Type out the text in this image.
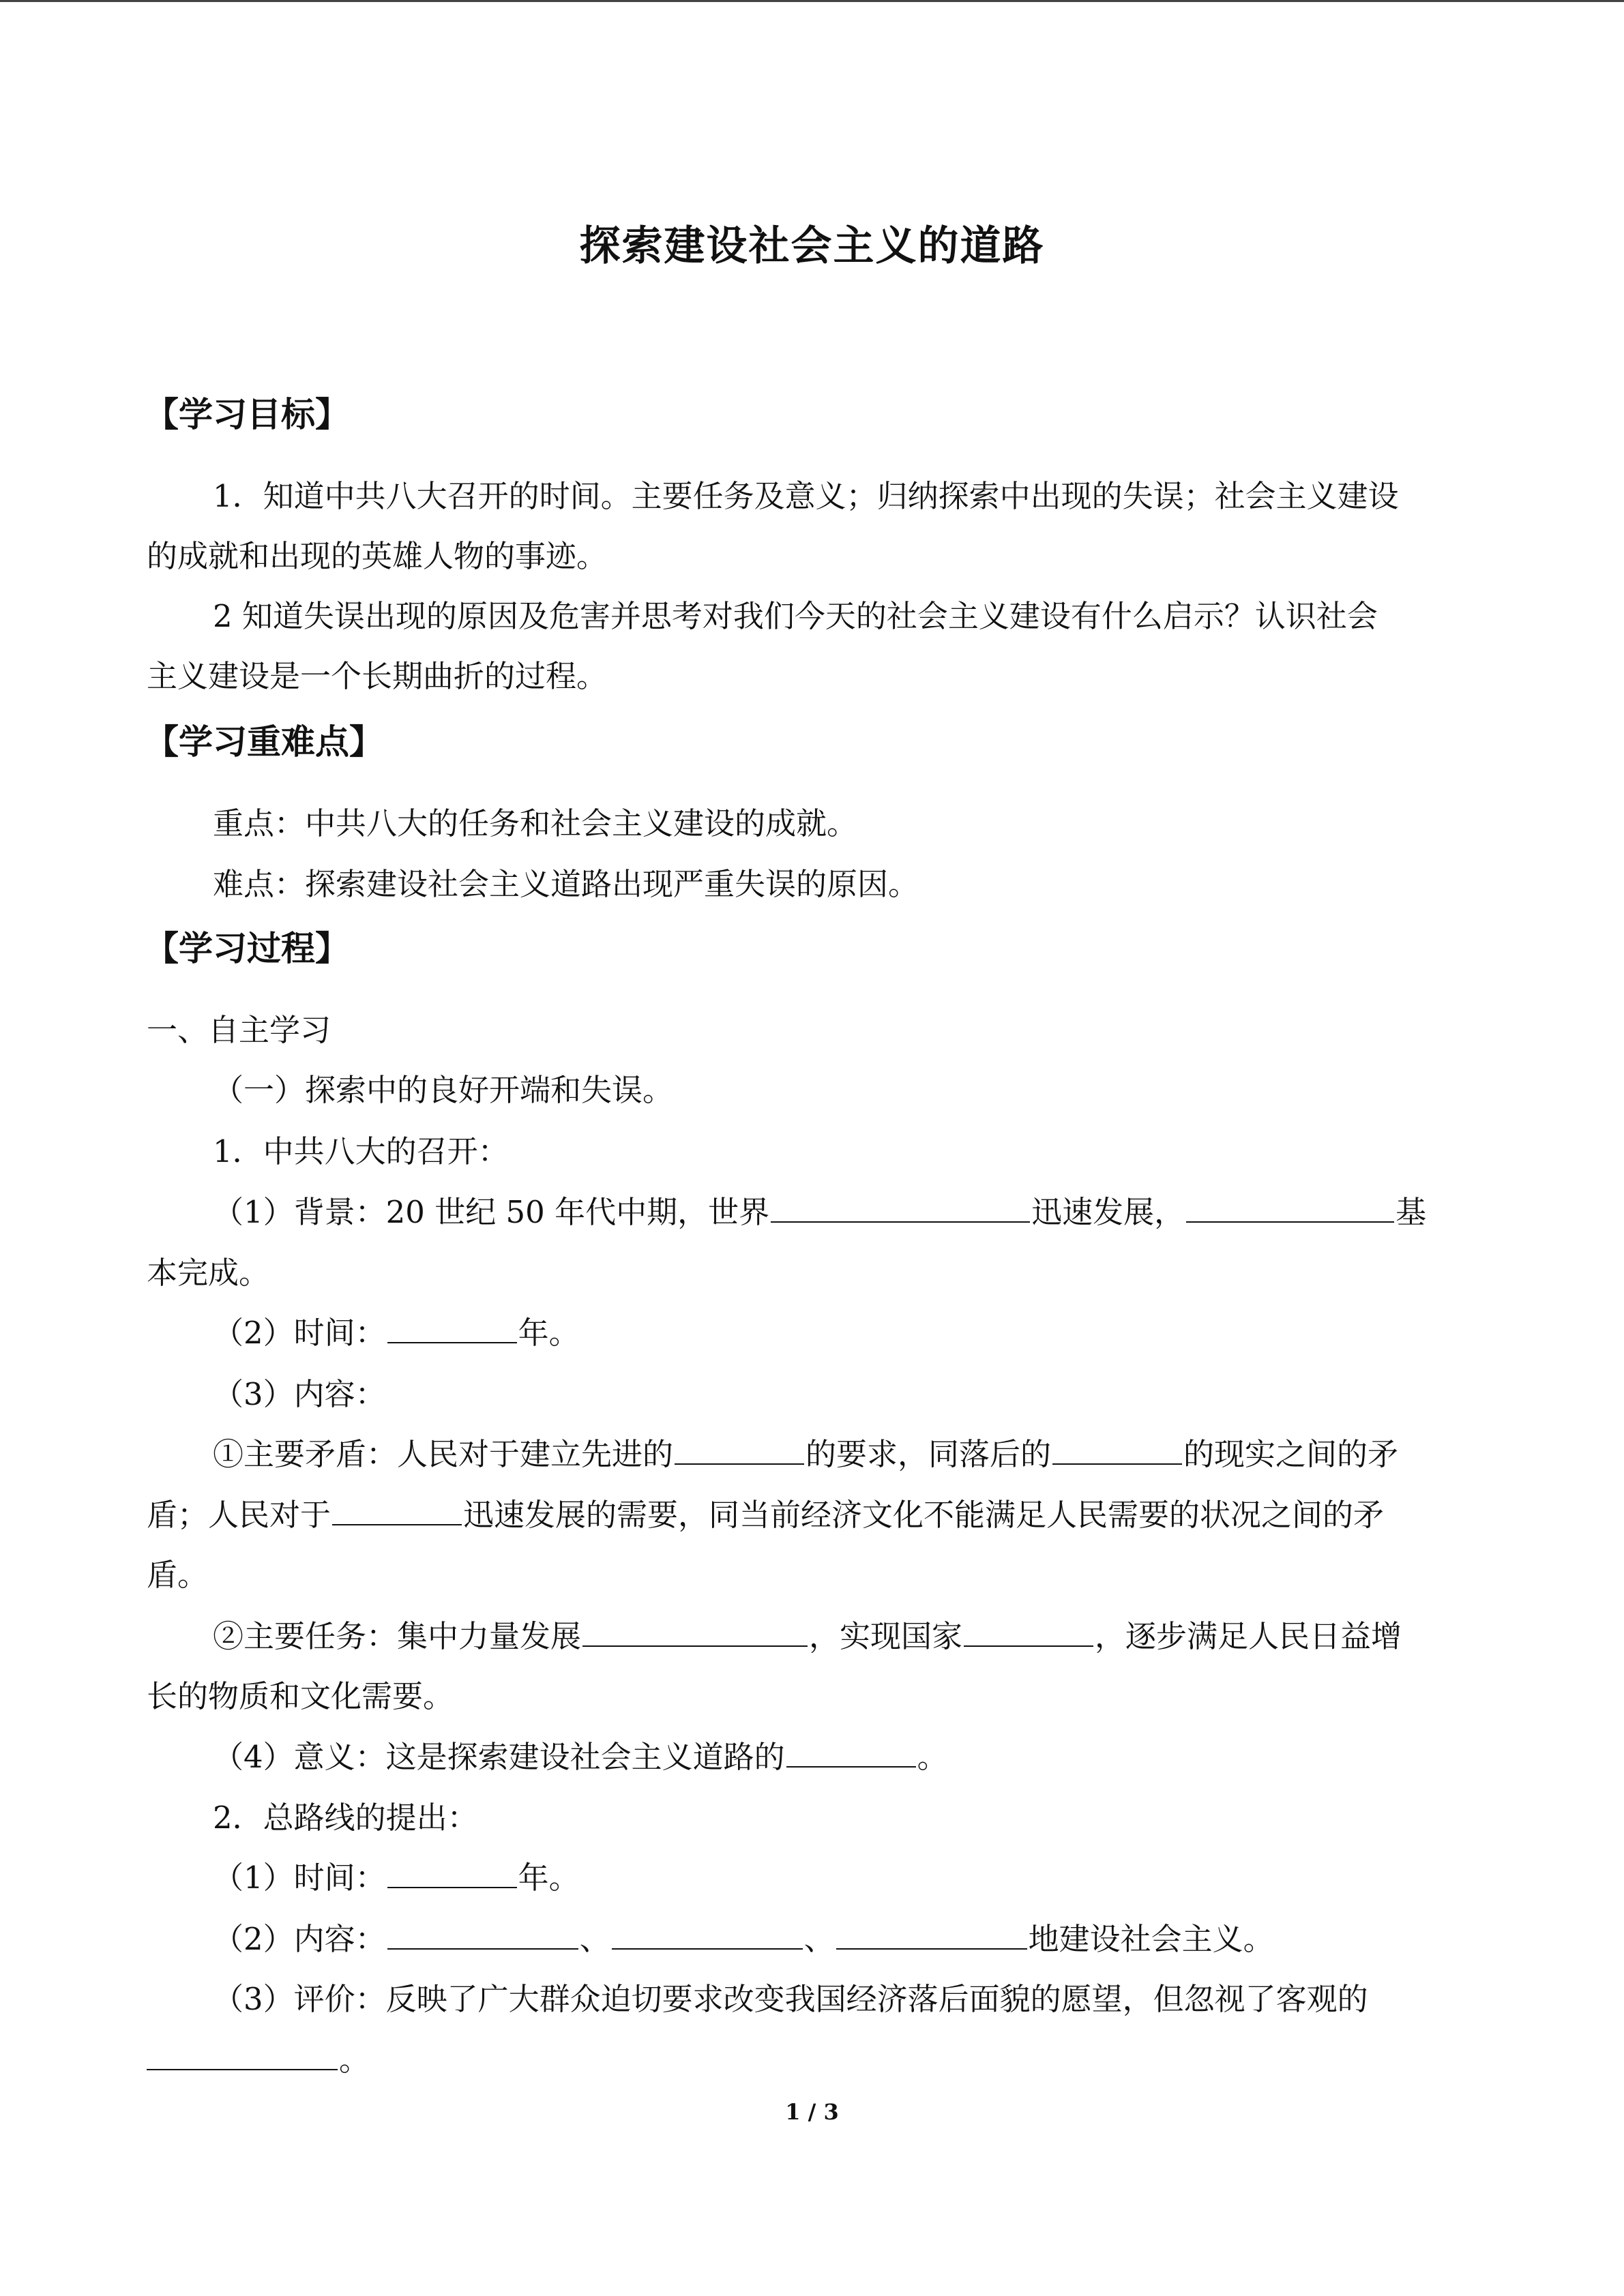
探索建设社会主义的道路
【学习目标】
1．知道中共八大召开的时间。主要任务及意义；归纳探索中出现的失误；社会主义建设
的成就和出现的英雄人物的事迹。
2 知道失误出现的原因及危害并思考对我们今天的社会主义建设有什么启示？认识社会
主义建设是一个长期曲折的过程。
【学习重难点】
重点：中共八大的任务和社会主义建设的成就。
难点：探索建设社会主义道路出现严重失误的原因。
【学习过程】
一、自主学习
（一）探索中的良好开端和失误。
1．中共八大的召开：
（1）背景：20 世纪 50 年代中期，世界	迅速发展，	基
本完成。
（2）时间：	年。
（3）内容：
①主要矛盾：人民对于建立先进的	的要求，同落后的	的现实之间的矛
盾；人民对于	迅速发展的需要，同当前经济文化不能满足人民需要的状况之间的矛
盾。
②主要任务：集中力量发展	，实现国家	，逐步满足人民日益增
长的物质和文化需要。
（4）意义：这是探索建设社会主义道路的	。
2．总路线的提出：
（1）时间：	年。
（2）内容：	、	、	地建设社会主义。
（3）评价：反映了广大群众迫切要求改变我国经济落后面貌的愿望，但忽视了客观的
。
1 / 3
